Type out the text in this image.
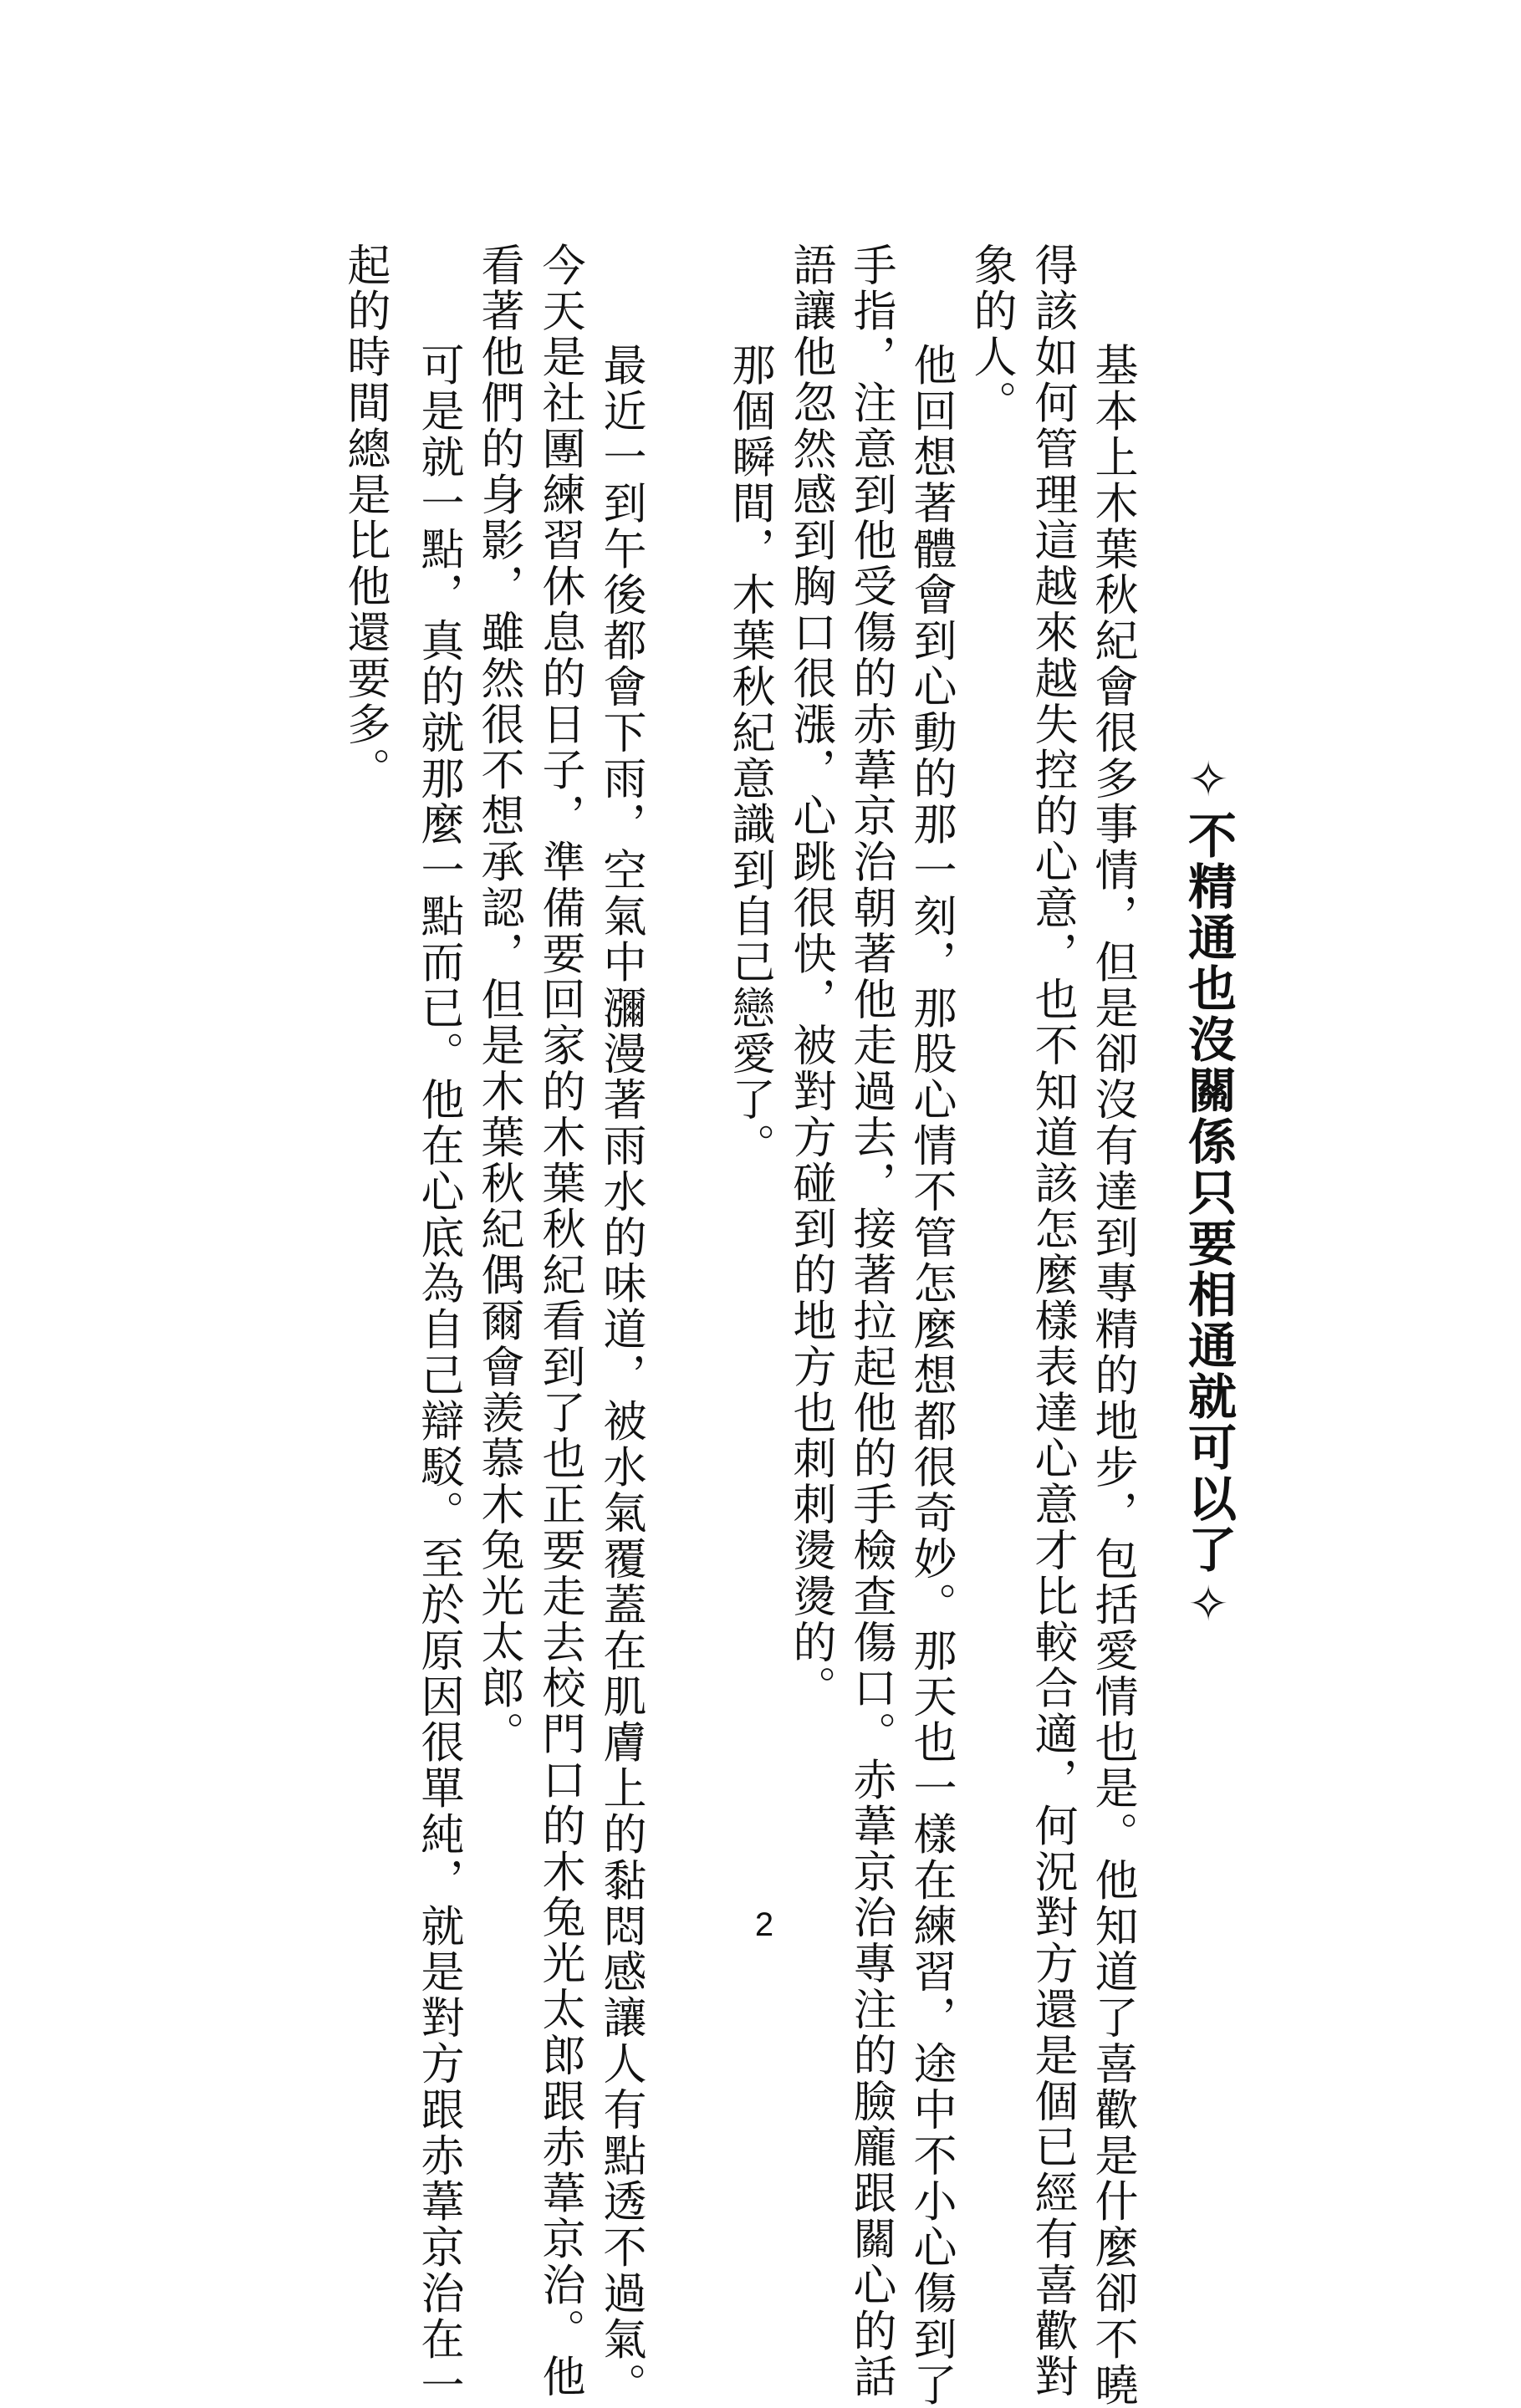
✧不精通也沒關係只要相通就可以了✧
　基本上木葉秋紀會很多事情，但是卻沒有達到專精的地步，包括愛情也是。他知道了喜歡是什麼卻不曉
得該如何管理這越來越失控的心意，也不知道該怎麼樣表達心意才比較合適，何況對方還是個已經有喜歡對
象的人。
　他回想著體會到心動的那一刻，那股心情不管怎麼想都很奇妙。那天也一樣在練習，途中不小心傷到了
手指，注意到他受傷的赤葦京治朝著他走過去，接著拉起他的手檢查傷口。赤葦京治專注的臉龐跟關心的話
語讓他忽然感到胸口很漲，心跳很快，被對方碰到的地方也刺刺燙燙的。
　那個瞬間，木葉秋紀意識到自己戀愛了。
　最近一到午後都會下雨，空氣中瀰漫著雨水的味道，被水氣覆蓋在肌膚上的黏悶感讓人有點透不過氣。
今天是社團練習休息的日子，準備要回家的木葉秋紀看到了也正要走去校門口的木兔光太郎跟赤葦京治。他
看著他們的身影，雖然很不想承認，但是木葉秋紀偶爾會羨慕木兔光太郎。
　可是就一點，真的就那麼一點而已。他在心底為自己辯駁。至於原因很單純，就是對方跟赤葦京治在一
起的時間總是比他還要多。
2
